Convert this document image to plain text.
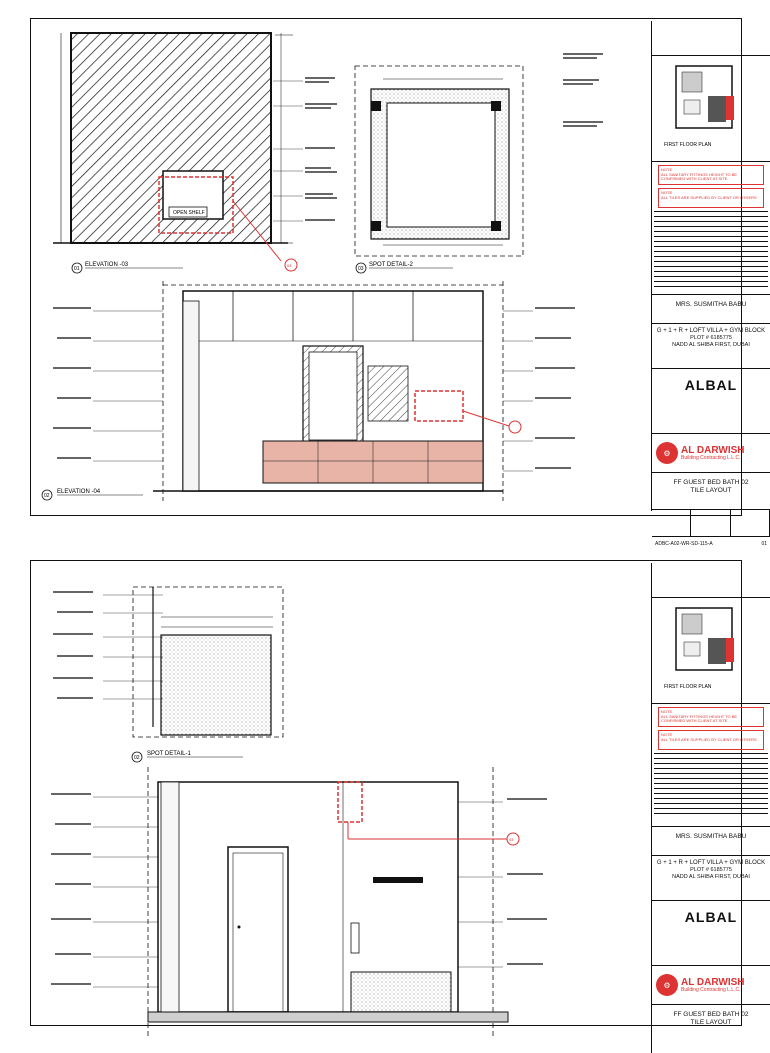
OPEN SHELF
04
01
ELEVATION -03
03
SPOT DETAIL-2
02
ELEVATION -04
FIRST FLOOR PLAN
NOTE
ALL SANITARY FITTINGS HEIGHT TO BE CONFIRMED WITH CLIENT AT SITE
NOTE
ALL TILES ARE SUPPLIED BY CLIENT OR OTHERS
MRS. SUSMITHA BABU
G + 1 + R + LOFT VILLA + GYM BLOCK
PLOT # 6185775
NADD AL SHIBA FIRST, DUBAI
ALBAL
⚙	AL DARWISH
Building Contracting L.L.C.
FF GUEST BED BATH 02
TILE LAYOUT
ADBC-A02-WR-SD-115-A	01
02
SPOT DETAIL-1
03
FIRST FLOOR PLAN
NOTE
ALL SANITARY FITTINGS HEIGHT TO BE CONFIRMED WITH CLIENT AT SITE
NOTE
ALL TILES ARE SUPPLIED BY CLIENT OR OTHERS
MRS. SUSMITHA BABU
G + 1 + R + LOFT VILLA + GYM BLOCK
PLOT # 6185775
NADD AL SHIBA FIRST, DUBAI
ALBAL
⚙	AL DARWISH
Building Contracting L.L.C.
FF GUEST BED BATH 02
TILE LAYOUT
